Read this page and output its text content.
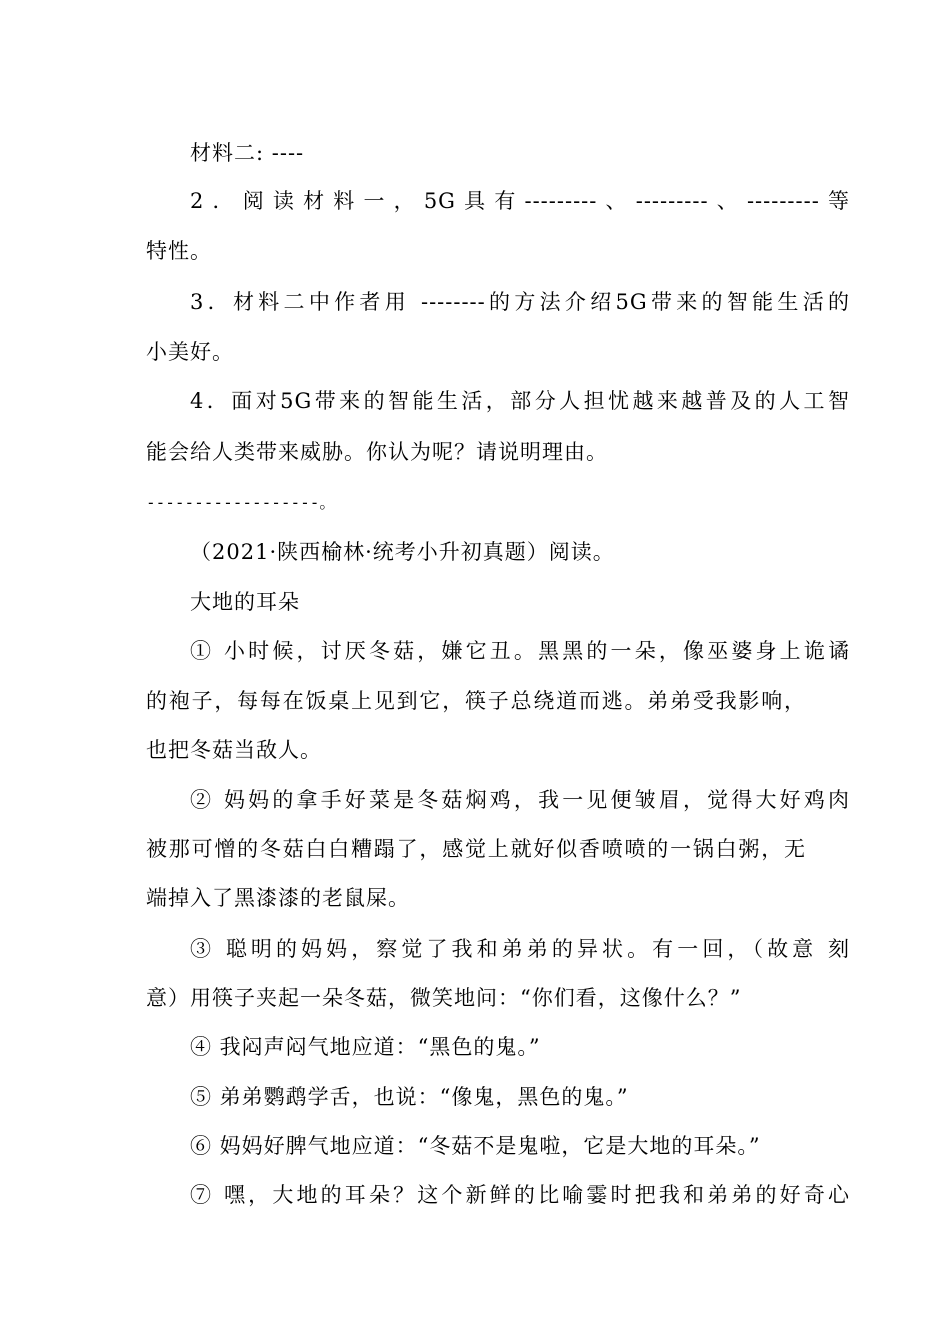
材料二: ----
2．阅读材料一，5G具有---------、---------、---------等
特性。
3．材料二中作者用 --------的方法介绍5G带来的智能生活的
小美好。
4．面对5G带来的智能生活，部分人担忧越来越普及的人工智
能会给人类带来威胁。你认为呢？请说明理由。
------------------。
（2021·陕西榆林·统考小升初真题）阅读。
大地的耳朵
① 小时候，讨厌冬菇，嫌它丑。黑黑的一朵，像巫婆身上诡谲
的袍子，每每在饭桌上见到它，筷子总绕道而逃。弟弟受我影响，
也把冬菇当敌人。
② 妈妈的拿手好菜是冬菇焖鸡，我一见便皱眉，觉得大好鸡肉
被那可憎的冬菇白白糟蹋了，感觉上就好似香喷喷的一锅白粥，无
端掉入了黑漆漆的老鼠屎。
③ 聪明的妈妈，察觉了我和弟弟的异状。有一回，（故意 刻
意）用筷子夹起一朵冬菇，微笑地问：“你们看，这像什么？”
④ 我闷声闷气地应道：“黑色的鬼。”
⑤ 弟弟鹦鹉学舌，也说：“像鬼，黑色的鬼。”
⑥ 妈妈好脾气地应道：“冬菇不是鬼啦，它是大地的耳朵。”
⑦ 嘿，大地的耳朵？这个新鲜的比喻霎时把我和弟弟的好奇心
